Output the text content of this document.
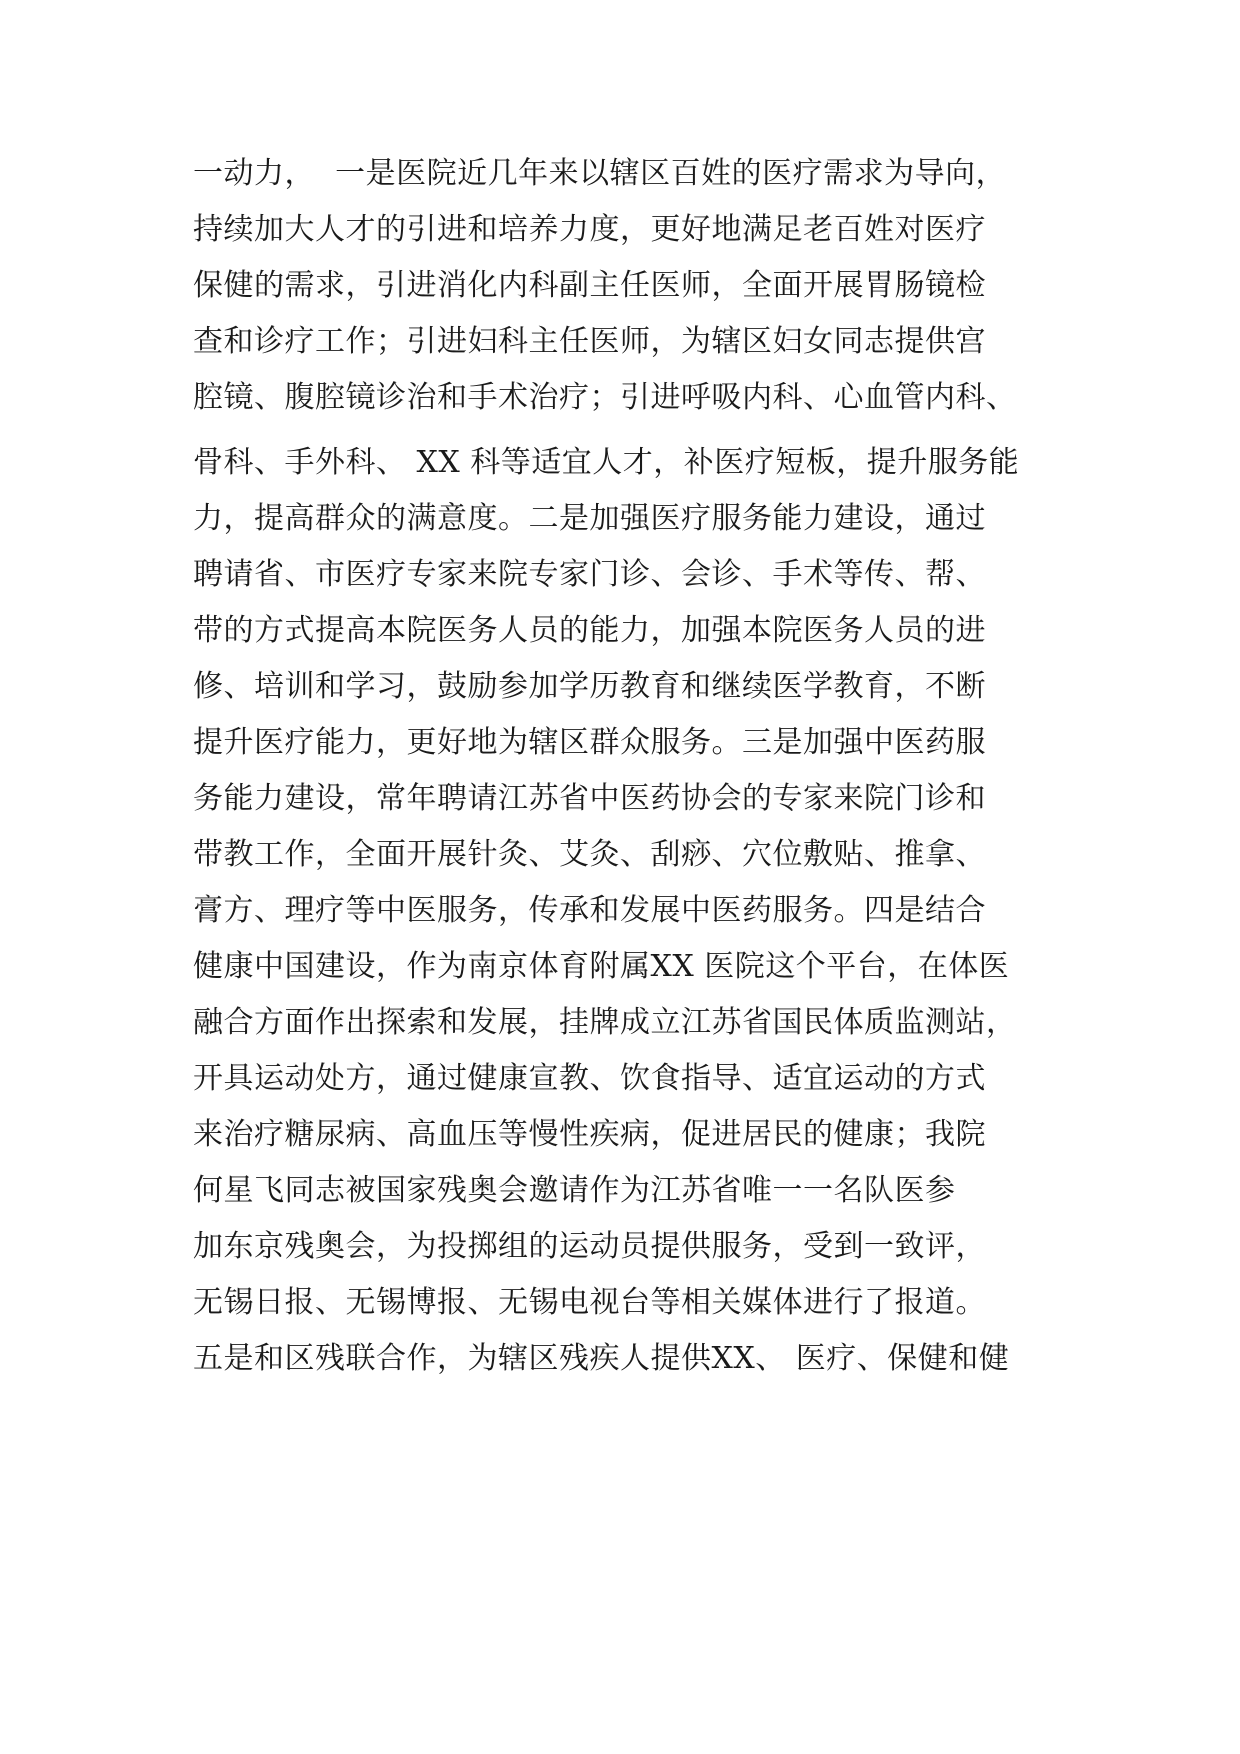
一动力，  一是医院近几年来以辖区百姓的医疗需求为导向，
持续加大人才的引进和培养力度，更好地满足老百姓对医疗
保健的需求，引进消化内科副主任医师，全面开展胃肠镜检
查和诊疗工作；引进妇科主任医师，为辖区妇女同志提供宫
腔镜、腹腔镜诊治和手术治疗；引进呼吸内科、心血管内科、
骨科、手外科、 XX 科等适宜人才，补医疗短板，提升服务能
力，提高群众的满意度。二是加强医疗服务能力建设，通过
聘请省、市医疗专家来院专家门诊、会诊、手术等传、帮、
带的方式提高本院医务人员的能力，加强本院医务人员的进
修、培训和学习，鼓励参加学历教育和继续医学教育，不断
提升医疗能力，更好地为辖区群众服务。三是加强中医药服
务能力建设，常年聘请江苏省中医药协会的专家来院门诊和
带教工作，全面开展针灸、艾灸、刮痧、穴位敷贴、推拿、
膏方、理疗等中医服务，传承和发展中医药服务。四是结合
健康中国建设，作为南京体育附属XX 医院这个平台，在体医
融合方面作出探索和发展，挂牌成立江苏省国民体质监测站，
开具运动处方，通过健康宣教、饮食指导、适宜运动的方式
来治疗糖尿病、高血压等慢性疾病，促进居民的健康；我院
何星飞同志被国家残奥会邀请作为江苏省唯一一名队医参
加东京残奥会，为投掷组的运动员提供服务，受到一致评，
无锡日报、无锡博报、无锡电视台等相关媒体进行了报道。
五是和区残联合作，为辖区残疾人提供XX、 医疗、保健和健
